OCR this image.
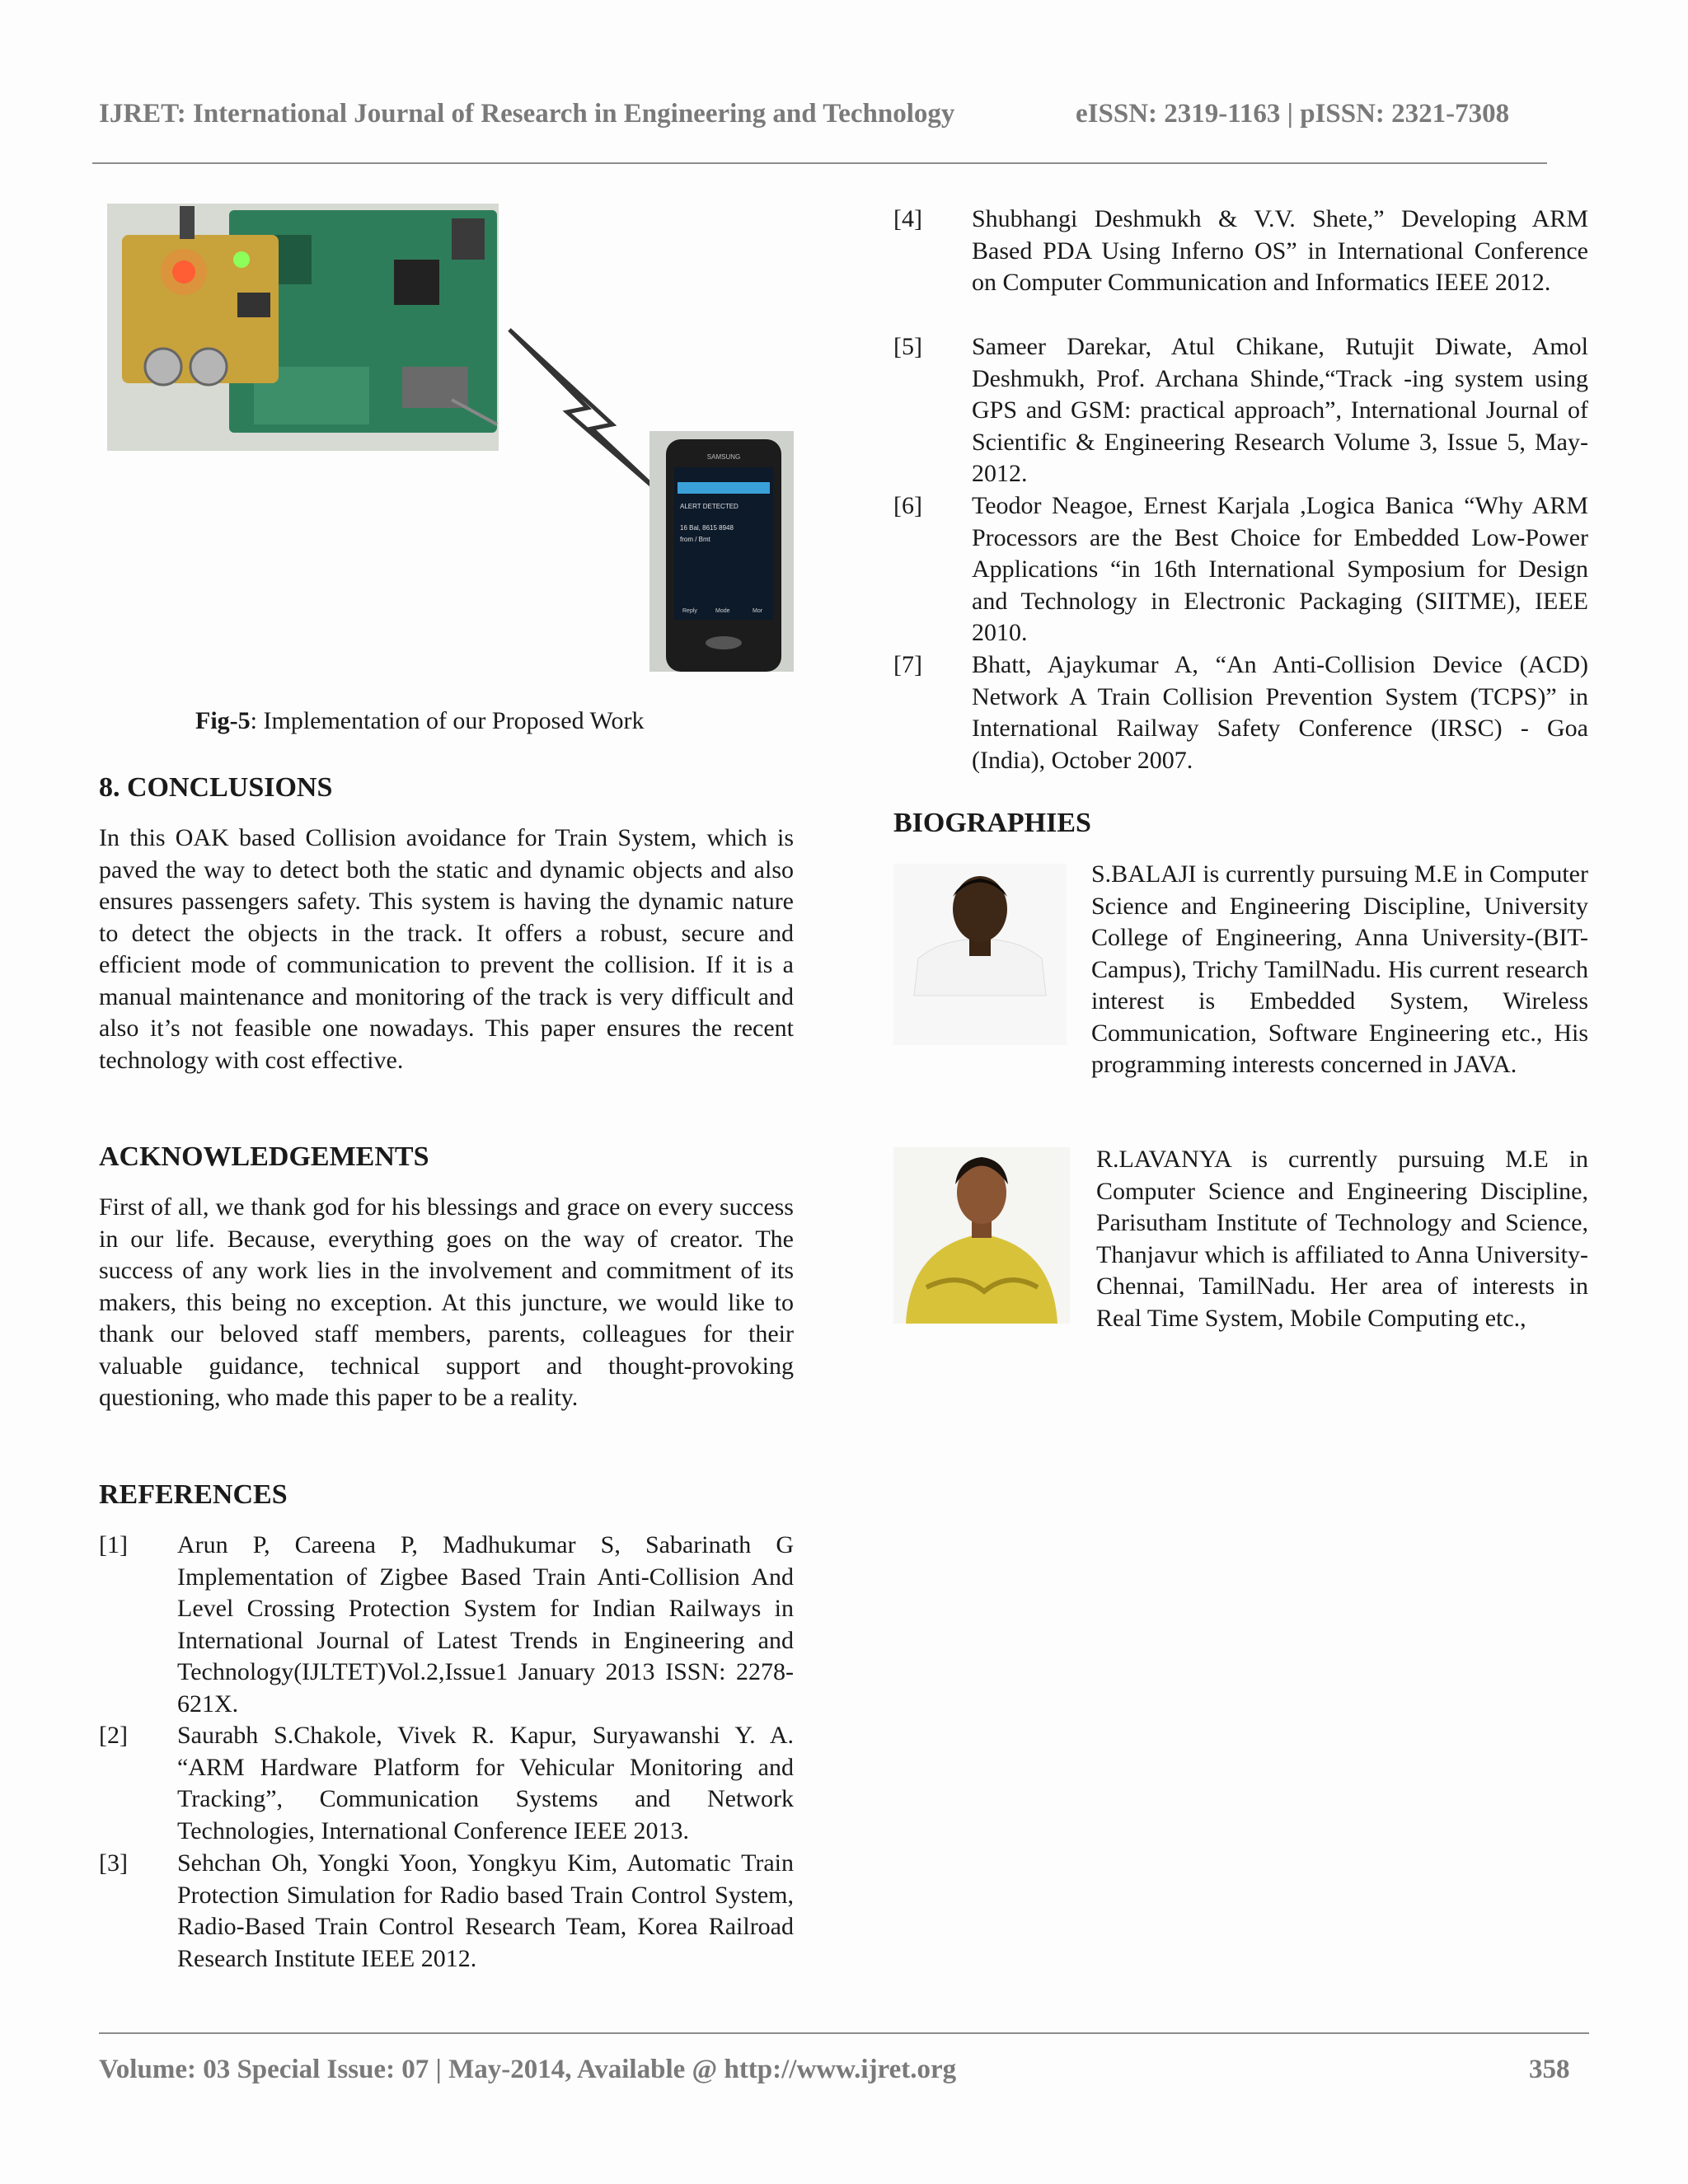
IJRET: International Journal of Research in Engineering and Technology	eISSN: 2319-1163 | pISSN: 2321-7308
SAMSUNG
ALERT DETECTED
16 Bal, 8615 8948
from / Bmt
Reply	Mode	Mor
Fig-5: Implementation of our Proposed Work
8. CONCLUSIONS
In this OAK based Collision avoidance for Train System, which is paved the way to detect both the static and dynamic objects and also ensures passengers safety. This system is having the dynamic nature to detect the objects in the track. It offers a robust, secure and efficient mode of communication to prevent the collision. If it is a manual maintenance and monitoring of the track is very difficult and also it’s not feasible one nowadays. This paper ensures the recent technology with cost effective.
ACKNOWLEDGEMENTS
First of all, we thank god for his blessings and grace on every success in our life. Because, everything goes on the way of creator. The success of any work lies in the involvement and commitment of its makers, this being no exception. At this juncture, we would like to thank our beloved staff members, parents, colleagues for their valuable guidance, technical support and thought-provoking questioning, who made this paper to be a reality.
REFERENCES
[1] Arun P, Careena P, Madhukumar S, Sabarinath G Implementation of Zigbee Based Train Anti-Collision And Level Crossing Protection System for Indian Railways in International Journal of Latest Trends in Engineering and Technology(IJLTET)Vol.2,Issue1 January 2013 ISSN: 2278-621X.
[2] Saurabh S.Chakole, Vivek R. Kapur, Suryawanshi Y. A. “ARM Hardware Platform for Vehicular Monitoring and Tracking”, Communication Systems and Network Technologies, International Conference IEEE 2013.
[3] Sehchan Oh, Yongki Yoon, Yongkyu Kim, Automatic Train Protection Simulation for Radio based Train Control System, Radio-Based Train Control Research Team, Korea Railroad Research Institute IEEE 2012.
[4] Shubhangi Deshmukh & V.V. Shete,” Developing ARM Based PDA Using Inferno OS” in International Conference on Computer Communication and Informatics IEEE 2012.
[5] Sameer Darekar, Atul Chikane, Rutujit Diwate, Amol Deshmukh, Prof. Archana Shinde,“Track -ing system using GPS and GSM: practical approach”, International Journal of Scientific & Engineering Research Volume 3, Issue 5, May-2012.
[6] Teodor Neagoe, Ernest Karjala ,Logica Banica “Why ARM Processors are the Best Choice for Embedded Low-Power Applications “in 16th International Symposium for Design and Technology in Electronic Packaging (SIITME), IEEE 2010.
[7] Bhatt, Ajaykumar A, “An Anti-Collision Device (ACD) Network A Train Collision Prevention System (TCPS)” in International Railway Safety Conference (IRSC) - Goa (India), October 2007.
BIOGRAPHIES
S.BALAJI is currently pursuing M.E in Computer Science and Engineering Discipline, University College of Engineering, Anna University-(BIT-Campus), Trichy TamilNadu. His current research interest is Embedded System, Wireless Communication, Software Engineering etc., His programming interests concerned in JAVA.
R.LAVANYA is currently pursuing M.E in Computer Science and Engineering Discipline, Parisutham Institute of Technology and Science, Thanjavur which is affiliated to Anna University-Chennai, TamilNadu. Her area of interests in Real Time System, Mobile Computing etc.,
Volume: 03 Special Issue: 07 | May-2014, Available @ http://www.ijret.org	358
